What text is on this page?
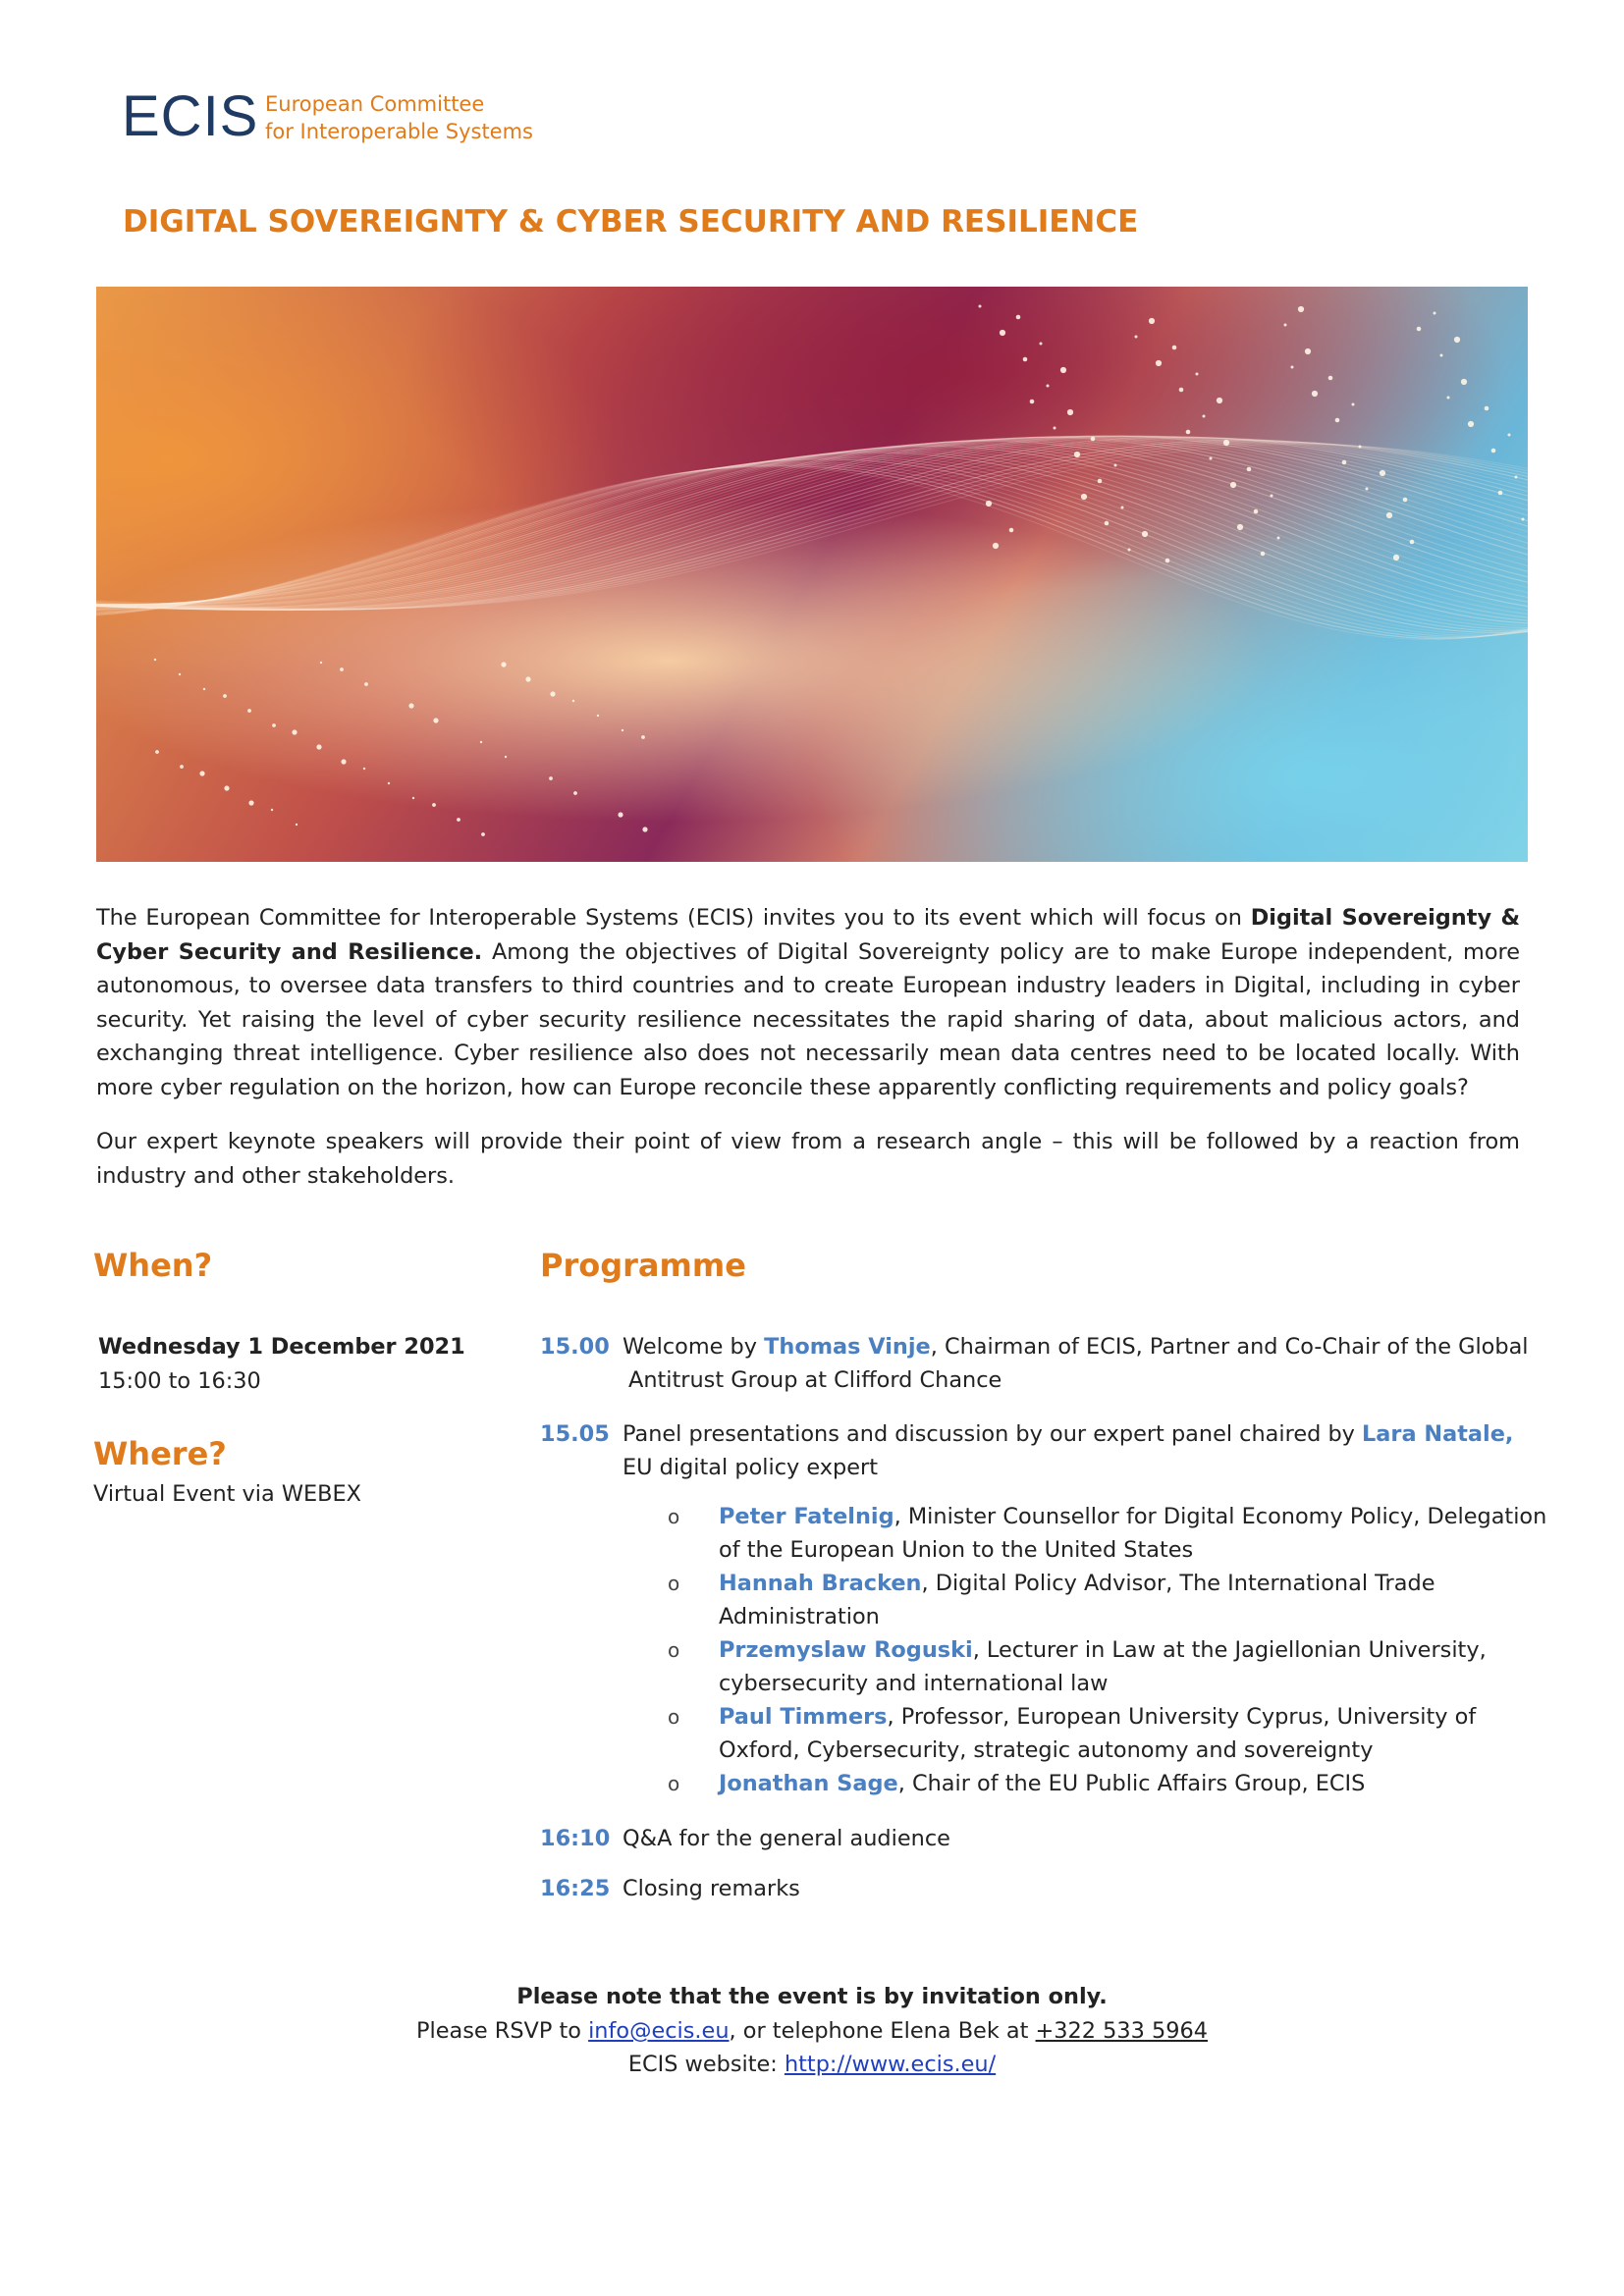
ECIS European Committee
for Interoperable Systems
DIGITAL SOVEREIGNTY & CYBER SECURITY AND RESILIENCE
The European Committee for Interoperable Systems (ECIS) invites you to its event which will focus on Digital Sovereignty & Cyber Security and Resilience. Among the objectives of Digital Sovereignty policy are to make Europe independent, more autonomous, to oversee data transfers to third countries and to create European industry leaders in Digital, including in cyber security. Yet raising the level of cyber security resilience necessitates the rapid sharing of data, about malicious actors, and exchanging threat intelligence. Cyber resilience also does not necessarily mean data centres need to be located locally. With more cyber regulation on the horizon, how can Europe reconcile these apparently conflicting requirements and policy goals?
Our expert keynote speakers will provide their point of view from a research angle – this will be followed by a reaction from industry and other stakeholders.
When?
Wednesday 1 December 2021
15:00 to 16:30
Where?
Virtual Event via WEBEX
Programme
15.00 Welcome by Thomas Vinje, Chairman of ECIS, Partner and Co-Chair of the Global
Antitrust Group at Clifford Chance
15.05 Panel presentations and discussion by our expert panel chaired by Lara Natale,
EU digital policy expert
o Peter Fatelnig, Minister Counsellor for Digital Economy Policy, Delegation of the European Union to the United States
o Hannah Bracken, Digital Policy Advisor, The International Trade Administration
o Przemyslaw Roguski, Lecturer in Law at the Jagiellonian University, cybersecurity and international law
o Paul Timmers, Professor, European University Cyprus, University of Oxford, Cybersecurity, strategic autonomy and sovereignty
o Jonathan Sage, Chair of the EU Public Affairs Group, ECIS
16:10 Q&A for the general audience
16:25 Closing remarks
Please note that the event is by invitation only.
Please RSVP to info@ecis.eu, or telephone Elena Bek at +322 533 5964
ECIS website: http://www.ecis.eu/
